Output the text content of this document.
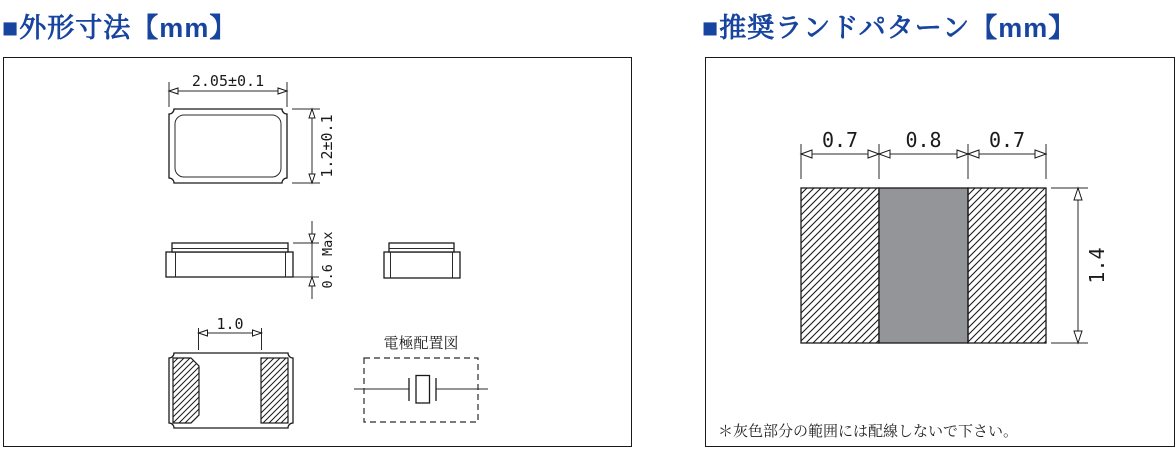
■外形寸法【mm】	■推奨ランドパターン【mm】
2.05±0.1
1.2±0.1
0.6 Max
1.0
電極配置図
0.7 0.8 0.7
1.4
＊灰色部分の範囲には配線しないで下さい。
